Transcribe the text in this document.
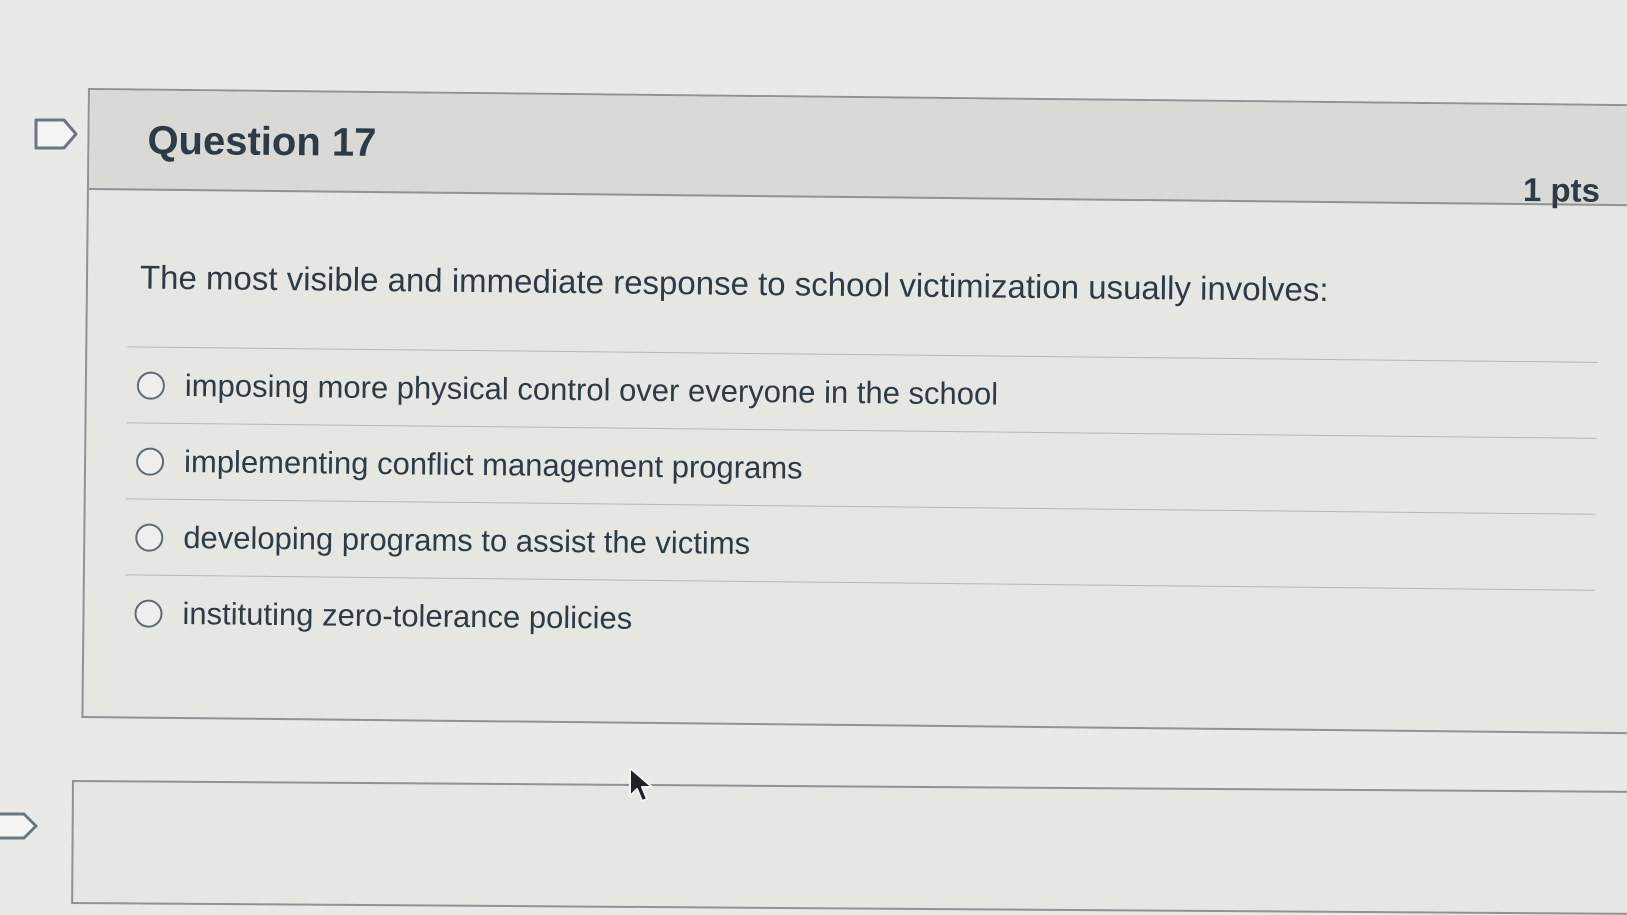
Question 17
1 pts
The most visible and immediate response to school victimization usually involves:
imposing more physical control over everyone in the school
implementing conflict management programs
developing programs to assist the victims
instituting zero-tolerance policies
